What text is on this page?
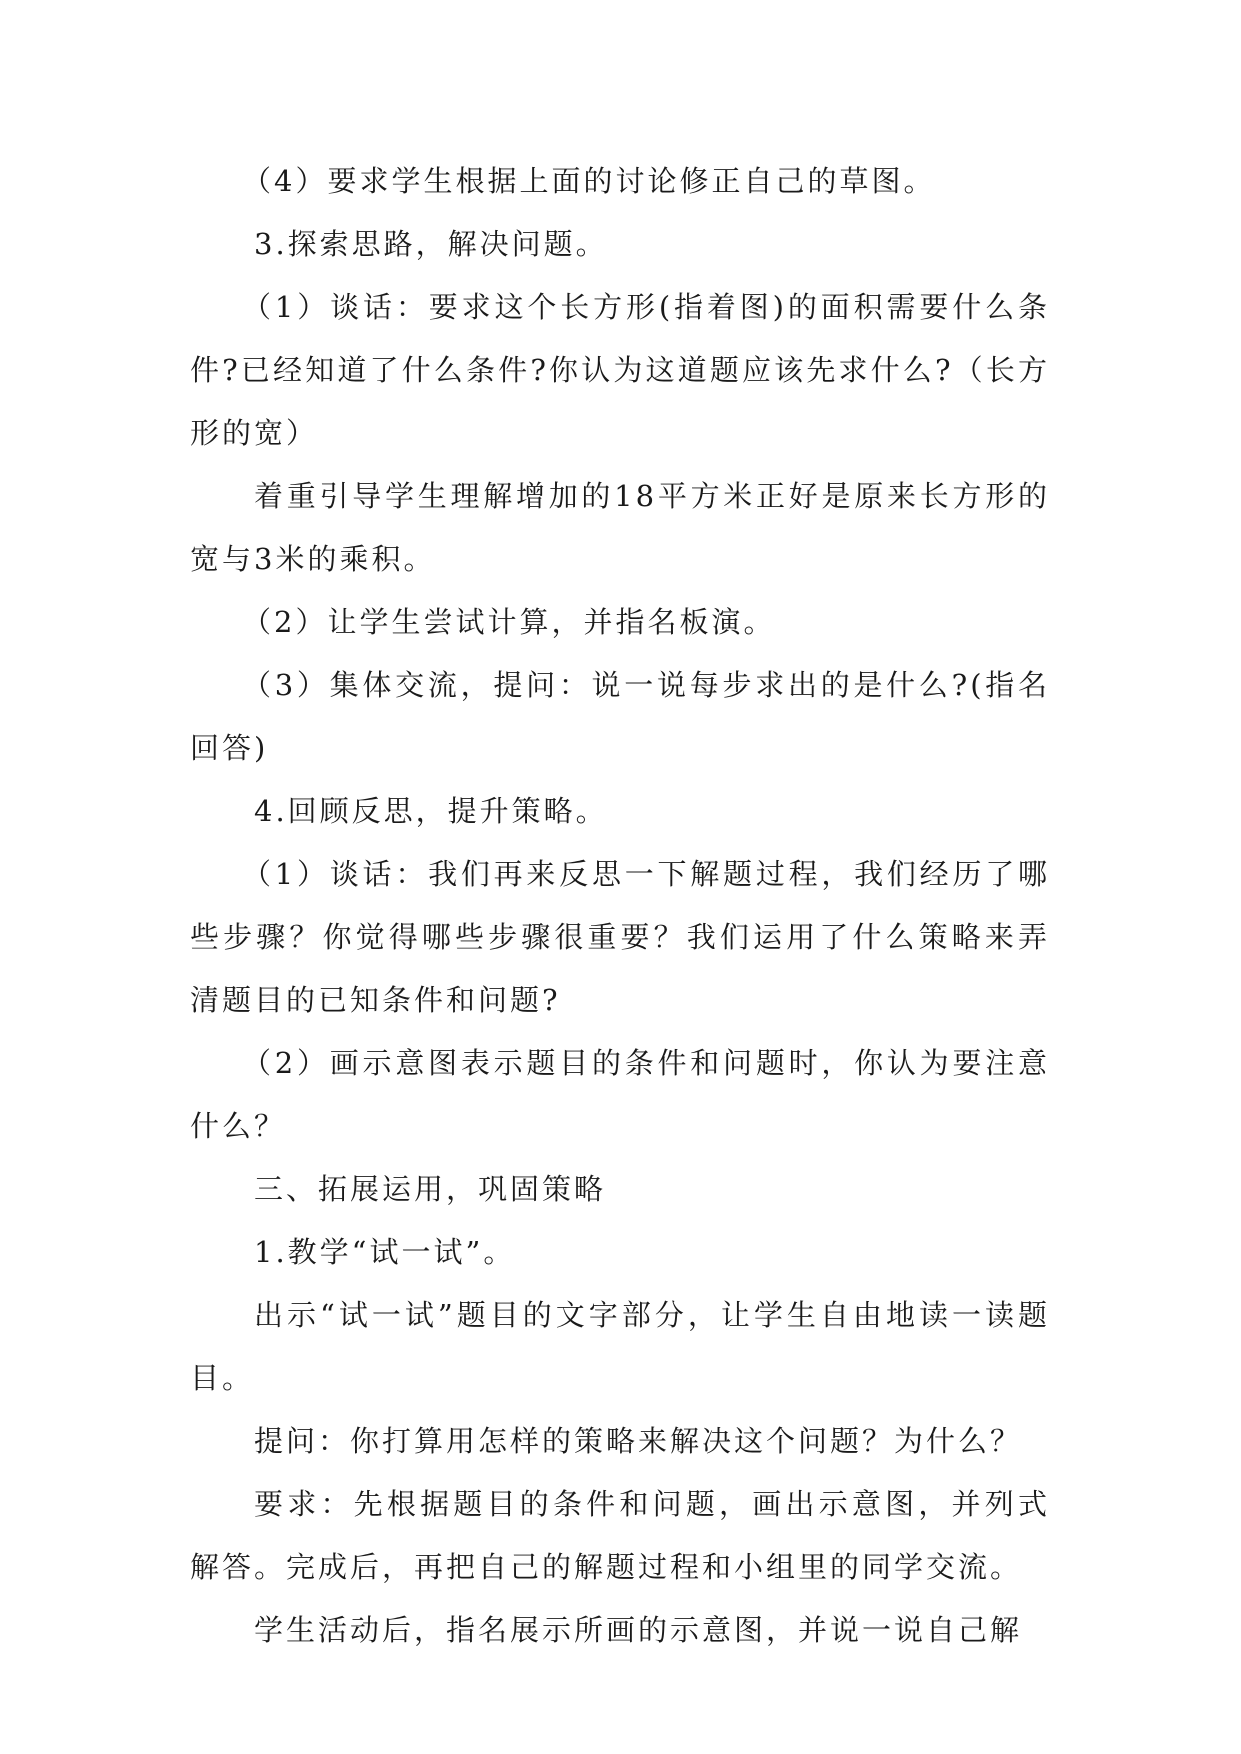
（4）要求学生根据上面的讨论修正自己的草图。

3.探索思路，解决问题。

（1）谈话：要求这个长方形(指着图)的面积需要什么条件?已经知道了什么条件?你认为这道题应该先求什么?（长方形的宽）

着重引导学生理解增加的18平方米正好是原来长方形的宽与3米的乘积。

（2）让学生尝试计算，并指名板演。

（3）集体交流，提问：说一说每步求出的是什么?(指名回答)

4.回顾反思，提升策略。

（1）谈话：我们再来反思一下解题过程，我们经历了哪些步骤？你觉得哪些步骤很重要？我们运用了什么策略来弄清题目的已知条件和问题?

（2）画示意图表示题目的条件和问题时，你认为要注意什么？

三、拓展运用，巩固策略

1.教学“试一试”。

出示“试一试”题目的文字部分，让学生自由地读一读题目。

提问：你打算用怎样的策略来解决这个问题？为什么？

要求：先根据题目的条件和问题，画出示意图，并列式解答。完成后，再把自己的解题过程和小组里的同学交流。

学生活动后，指名展示所画的示意图，并说一说自己解
